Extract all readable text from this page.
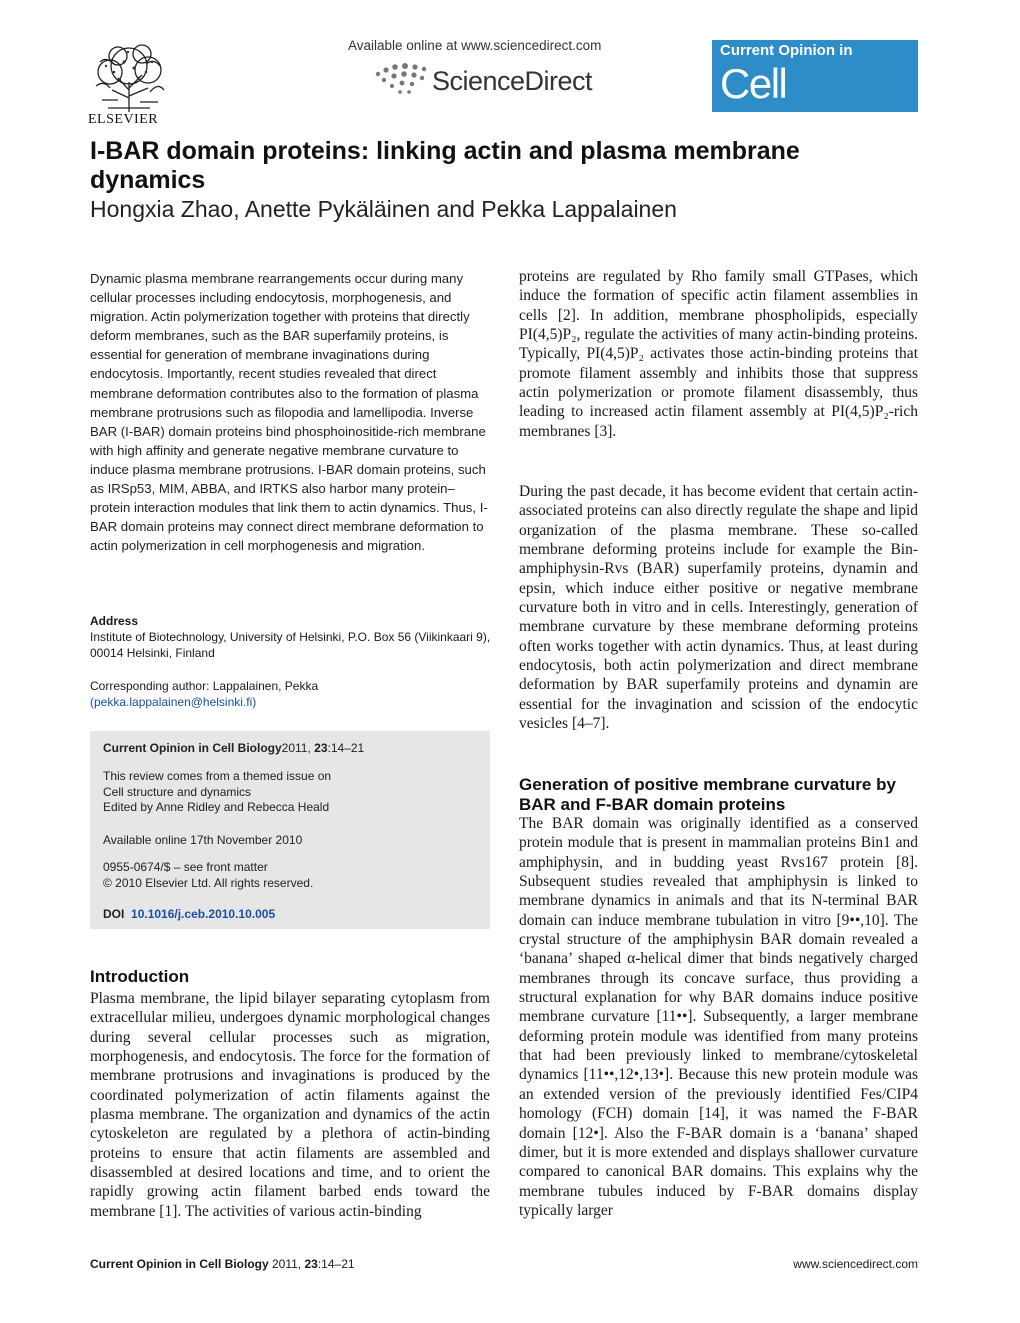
ELSEVIER
Available online at www.sciencedirect.com
ScienceDirect
Current Opinion in
Cell Biology
I-BAR domain proteins: linking actin and plasma membrane dynamics
Hongxia Zhao, Anette Pykäläinen and Pekka Lappalainen

Dynamic plasma membrane rearrangements occur during many cellular processes including endocytosis, morphogenesis, and migration. Actin polymerization together with proteins that directly deform membranes, such as the BAR superfamily proteins, is essential for generation of membrane invaginations during endocytosis. Importantly, recent studies revealed that direct membrane deformation contributes also to the formation of plasma membrane protrusions such as filopodia and lamellipodia. Inverse BAR (I-BAR) domain proteins bind phosphoinositide-rich membrane with high affinity and generate negative membrane curvature to induce plasma membrane protrusions. I-BAR domain proteins, such as IRSp53, MIM, ABBA, and IRTKS also harbor many protein–protein interaction modules that link them to actin dynamics. Thus, I-BAR domain proteins may connect direct membrane deformation to actin polymerization in cell morphogenesis and migration.

Address

Institute of Biotechnology, University of Helsinki, P.O. Box 56 (Viikinkaari 9), 00014 Helsinki, Finland

Corresponding author: Lappalainen, Pekka
(pekka.lappalainen@helsinki.fi)

Current Opinion in Cell Biology2011, 23:14–21
This review comes from a themed issue on
Cell structure and dynamics
Edited by Anne Ridley and Rebecca Heald
Available online 17th November 2010
0955-0674/$ – see front matter
© 2010 Elsevier Ltd. All rights reserved.
DOI 10.1016/j.ceb.2010.10.005
Introduction

Plasma membrane, the lipid bilayer separating cytoplasm from extracellular milieu, undergoes dynamic morphological changes during several cellular processes such as migration, morphogenesis, and endocytosis. The force for the formation of membrane protrusions and invaginations is produced by the coordinated polymerization of actin filaments against the plasma membrane. The organization and dynamics of the actin cytoskeleton are regulated by a plethora of actin-binding proteins to ensure that actin filaments are assembled and disassembled at desired locations and time, and to orient the rapidly growing actin filament barbed ends toward the membrane [1]. The activities of various actin-binding

proteins are regulated by Rho family small GTPases, which induce the formation of specific actin filament assemblies in cells [2]. In addition, membrane phospholipids, especially PI(4,5)P₂, regulate the activities of many actin-binding proteins. Typically, PI(4,5)P₂ activates those actin-binding proteins that promote filament assembly and inhibits those that suppress actin polymerization or promote filament disassembly, thus leading to increased actin filament assembly at PI(4,5)P₂-rich membranes [3].

During the past decade, it has become evident that certain actin-associated proteins can also directly regulate the shape and lipid organization of the plasma membrane. These so-called membrane deforming proteins include for example the Bin-amphiphysin-Rvs (BAR) superfamily proteins, dynamin and epsin, which induce either positive or negative membrane curvature both in vitro and in cells. Interestingly, generation of membrane curvature by these membrane deforming proteins often works together with actin dynamics. Thus, at least during endocytosis, both actin polymerization and direct membrane deformation by BAR superfamily proteins and dynamin are essential for the invagination and scission of the endocytic vesicles [4–7].

Generation of positive membrane curvature by BAR and F-BAR domain proteins

The BAR domain was originally identified as a conserved protein module that is present in mammalian proteins Bin1 and amphiphysin, and in budding yeast Rvs167 protein [8]. Subsequent studies revealed that amphiphysin is linked to membrane dynamics in animals and that its N-terminal BAR domain can induce membrane tubulation in vitro [9••,10]. The crystal structure of the amphiphysin BAR domain revealed a ‘banana’ shaped α-helical dimer that binds negatively charged membranes through its concave surface, thus providing a structural explanation for why BAR domains induce positive membrane curvature [11••]. Subsequently, a larger membrane deforming protein module was identified from many proteins that had been previously linked to membrane/cytoskeletal dynamics [11••,12•,13•]. Because this new protein module was an extended version of the previously identified Fes/CIP4 homology (FCH) domain [14], it was named the F-BAR domain [12•]. Also the F-BAR domain is a ‘banana’ shaped dimer, but it is more extended and displays shallower curvature compared to canonical BAR domains. This explains why the membrane tubules induced by F-BAR domains display typically larger

Current Opinion in Cell Biology 2011, 23:14–21	www.sciencedirect.com
